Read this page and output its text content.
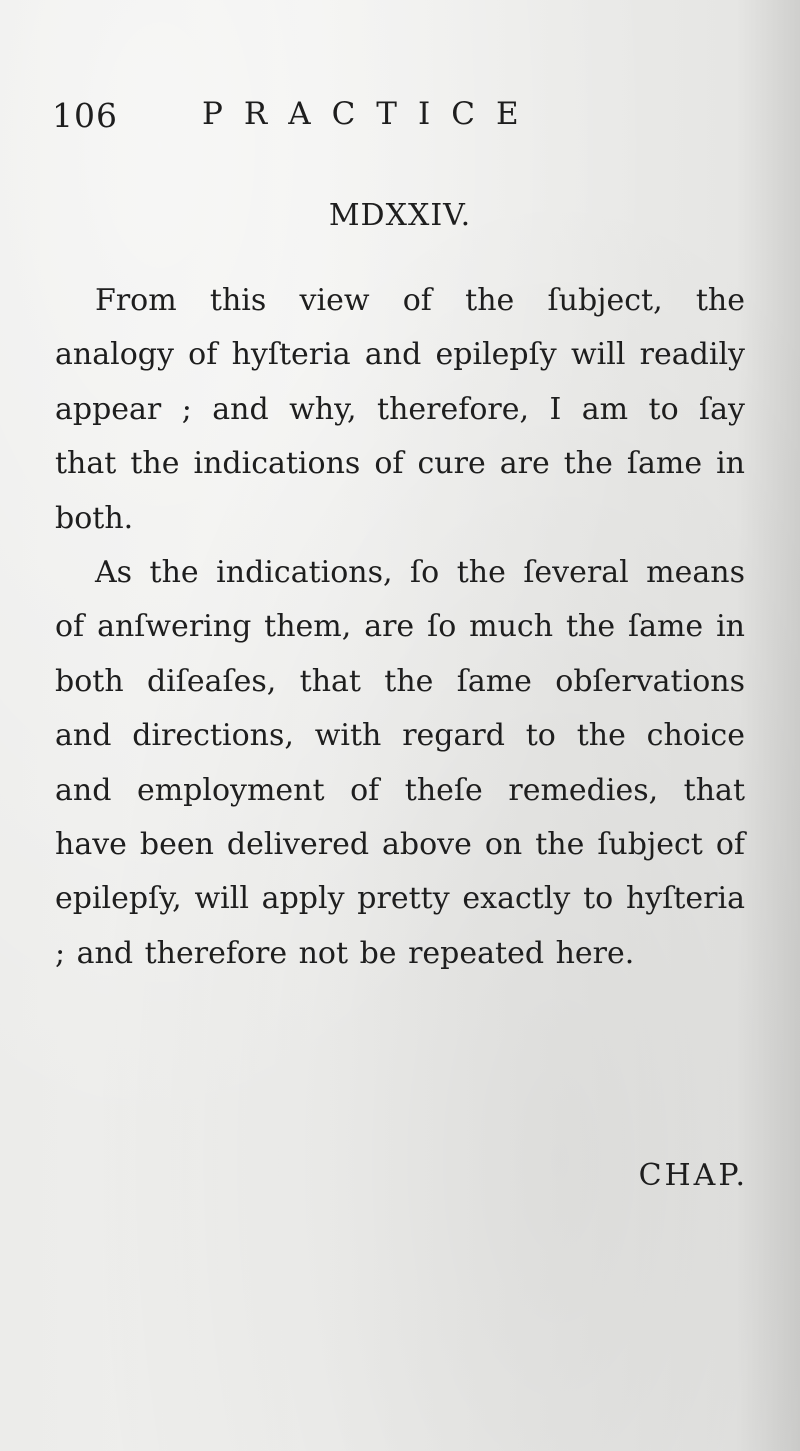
106	PRACTICE
MDXXIV.

From this view of the ſubject, the analogy of hyſteria and epilepſy will readily appear ; and why, therefore, I am to ſay that the indications of cure are the ſame in both.

As the indications, ſo the ſeveral means of anſwering them, are ſo much the ſame in both diſeaſes, that the ſame obſervations and directions, with regard to the choice and employment of theſe remedies, that have been delivered above on the ſubject of epilepſy, will apply pretty exactly to hyſteria ; and therefore not be repeated here.

CHAP.
